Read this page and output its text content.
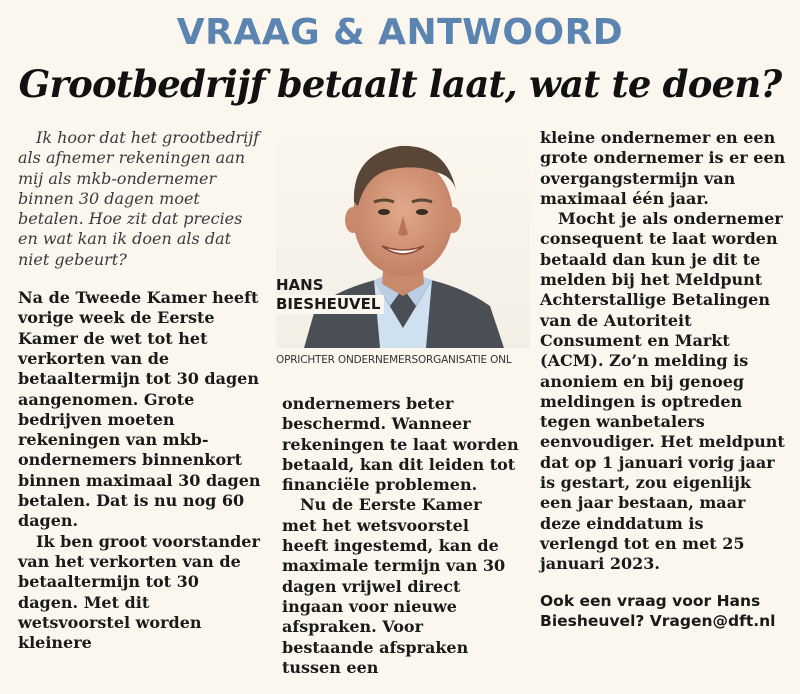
VRAAG & ANTWOORD
Grootbedrijf betaalt laat, wat te doen?

Ik hoor dat het grootbedrijf als afnemer rekeningen aan mij als mkb-ondernemer binnen 30 dagen moet betalen. Hoe zit dat precies en wat kan ik doen als dat niet gebeurt?

Na de Tweede Kamer heeft vorige week de Eerste Kamer de wet tot het verkorten van de betaaltermijn tot 30 dagen aangenomen. Grote bedrijven moeten rekeningen van mkb-ondernemers binnenkort binnen maximaal 30 dagen betalen. Dat is nu nog 60 dagen.

Ik ben groot voorstander van het verkorten van de betaaltermijn tot 30 dagen. Met dit wetsvoorstel worden kleinere

HANS
BIESHEUVEL
OPRICHTER ONDERNEMERSORGANISATIE ONL

ondernemers beter beschermd. Wanneer rekeningen te laat worden betaald, kan dit leiden tot financiële problemen.

Nu de Eerste Kamer met het wetsvoorstel heeft ingestemd, kan de maximale termijn van 30 dagen vrijwel direct ingaan voor nieuwe afspraken. Voor bestaande afspraken tussen een

kleine ondernemer en een grote ondernemer is er een overgangstermijn van maximaal één jaar.

Mocht je als ondernemer consequent te laat worden betaald dan kun je dit te melden bij het Meldpunt Achterstallige Betalingen van de Autoriteit Consument en Markt (ACM). Zo’n melding is anoniem en bij genoeg meldingen is optreden tegen wanbetalers eenvoudiger. Het meldpunt dat op 1 januari vorig jaar is gestart, zou eigenlijk een jaar bestaan, maar deze einddatum is verlengd tot en met 25 januari 2023.

Ook een vraag voor Hans Biesheuvel? Vragen@dft.nl
